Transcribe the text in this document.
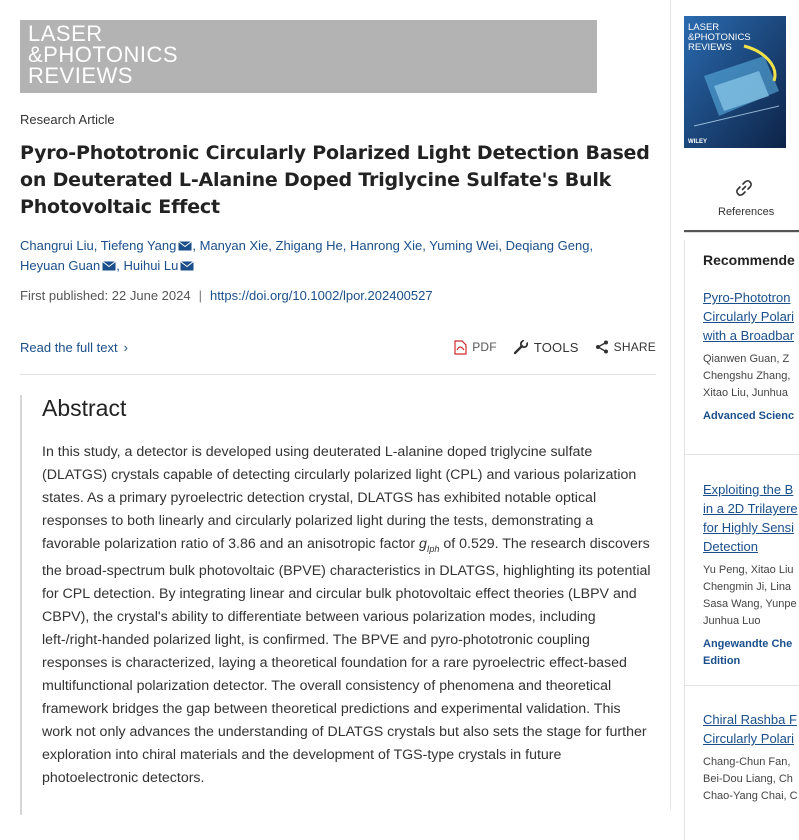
LASER
&PHOTONICS
REVIEWS
Research Article
Pyro-Phototronic Circularly Polarized Light Detection Based on Deuterated L-Alanine Doped Triglycine Sulfate's Bulk Photovoltaic Effect
Changrui Liu, Tiefeng Yang , Manyan Xie, Zhigang He, Hanrong Xie, Yuming Wei, Deqiang Geng, Heyuan Guan , Huihui Lu
First published: 22 June 2024 | https://doi.org/10.1002/lpor.202400527
Read the full text ›	PDF	TOOLS	SHARE
Abstract

In this study, a detector is developed using deuterated L-alanine doped triglycine sulfate (DLATGS) crystals capable of detecting circularly polarized light (CPL) and various polarization states. As a primary pyroelectric detection crystal, DLATGS has exhibited notable optical responses to both linearly and circularly polarized light during the tests, demonstrating a favorable polarization ratio of 3.86 and an anisotropic factor $g_{Iph}$ of 0.529. The research discovers the broad-spectrum bulk photovoltaic (BPVE) characteristics in DLATGS, highlighting its potential for CPL detection. By integrating linear and circular bulk photovoltaic effect theories (LBPV and CBPV), the crystal's ability to differentiate between various polarization modes, including left-/right-handed polarized light, is confirmed. The BPVE and pyro-phototronic coupling responses is characterized, laying a theoretical foundation for a rare pyroelectric effect-based multifunctional polarization detector. The overall consistency of phenomena and theoretical framework bridges the gap between theoretical predictions and experimental validation. This work not only advances the understanding of DLATGS crystals but also sets the stage for further exploration into chiral materials and the development of TGS-type crystals in future photoelectronic detectors.

LASER
&PHOTONICS
REVIEWS
WILEY
References
Recommende
Pyro-Phototron
Circularly Polari
with a Broadbar
Qianwen Guan, Z
Chengshu Zhang,
Xitao Liu, Junhua
Advanced Scienc
Exploiting the B
in a 2D Trilayere
for Highly Sensi
Detection
Yu Peng, Xitao Liu
Chengmin Ji, Lina
Sasa Wang, Yunpe
Junhua Luo
Angewandte Che
Edition
Chiral Rashba F
Circularly Polari
Chang-Chun Fan,
Bei-Dou Liang, Ch
Chao-Yang Chai, C
